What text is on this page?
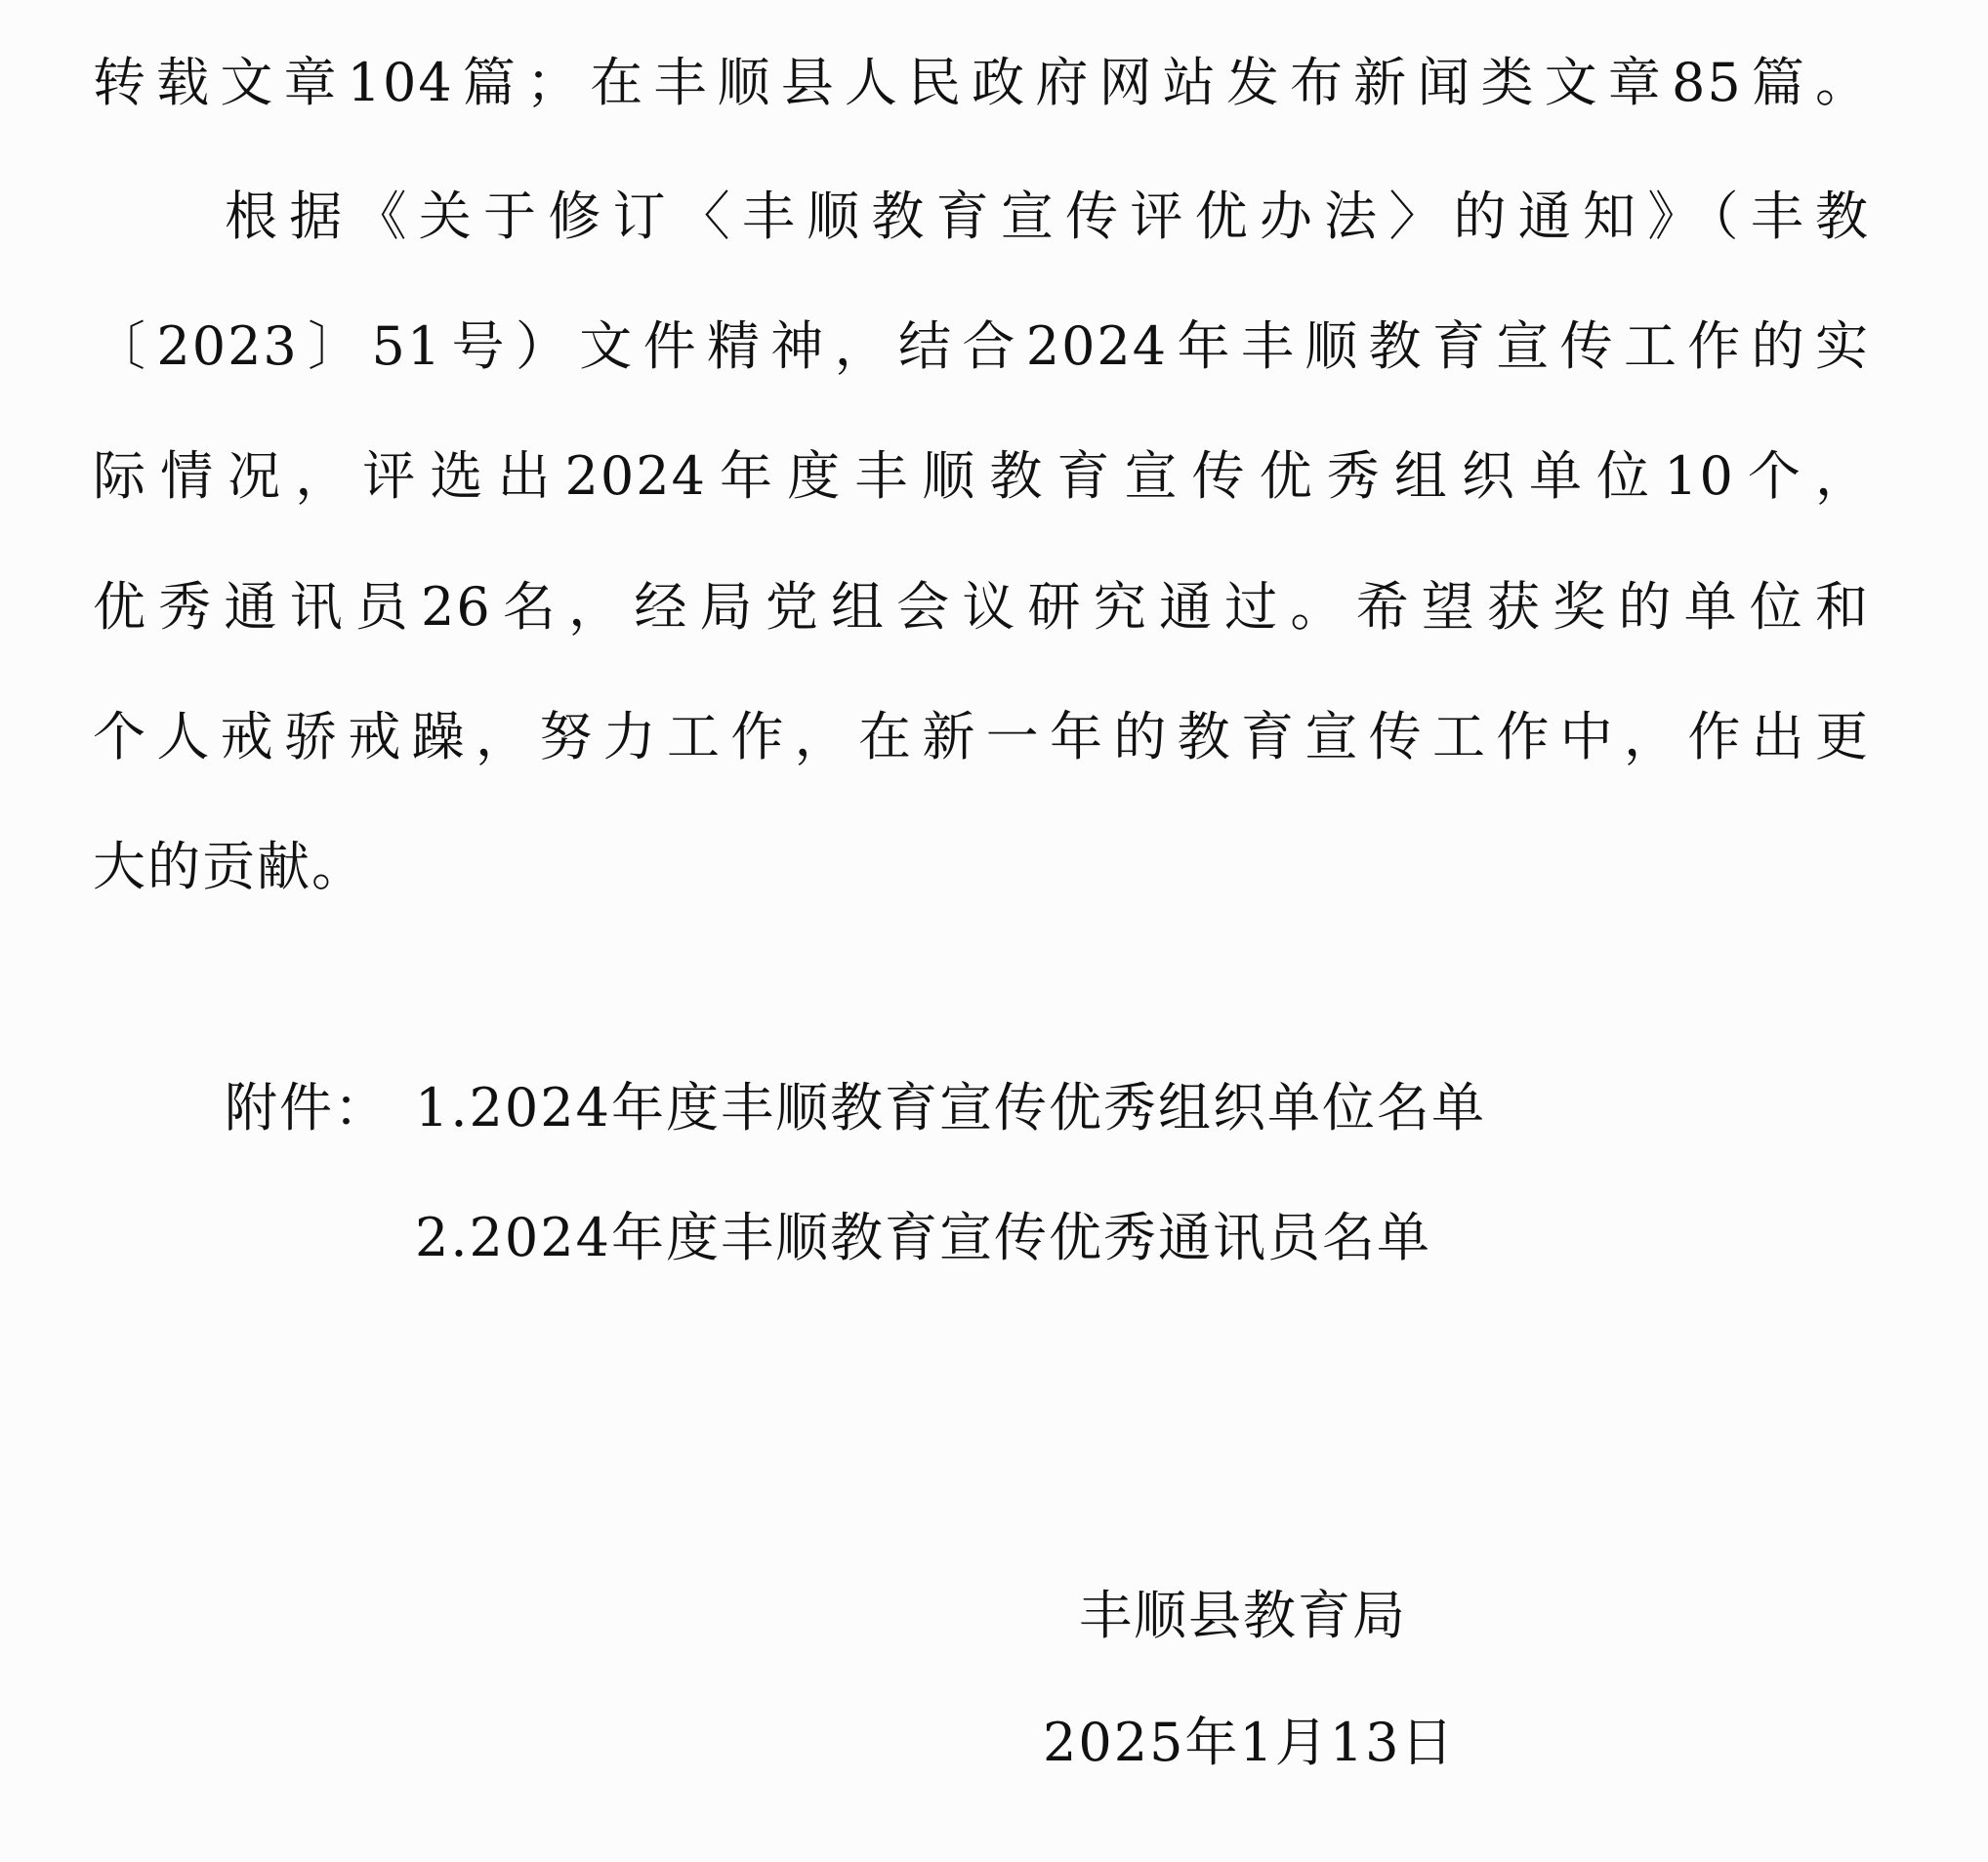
转载文章104篇；在丰顺县人民政府网站发布新闻类文章85篇。
根据《关于修订〈丰顺教育宣传评优办法〉的通知》（丰教
〔2023〕51号）文件精神，结合2024年丰顺教育宣传工作的实
际情况，评选出2024年度丰顺教育宣传优秀组织单位10个，
优秀通讯员26名，经局党组会议研究通过。希望获奖的单位和
个人戒骄戒躁，努力工作，在新一年的教育宣传工作中，作出更
大的贡献。
附件： 1.2024年度丰顺教育宣传优秀组织单位名单
2.2024年度丰顺教育宣传优秀通讯员名单
丰顺县教育局
2025年1月13日
